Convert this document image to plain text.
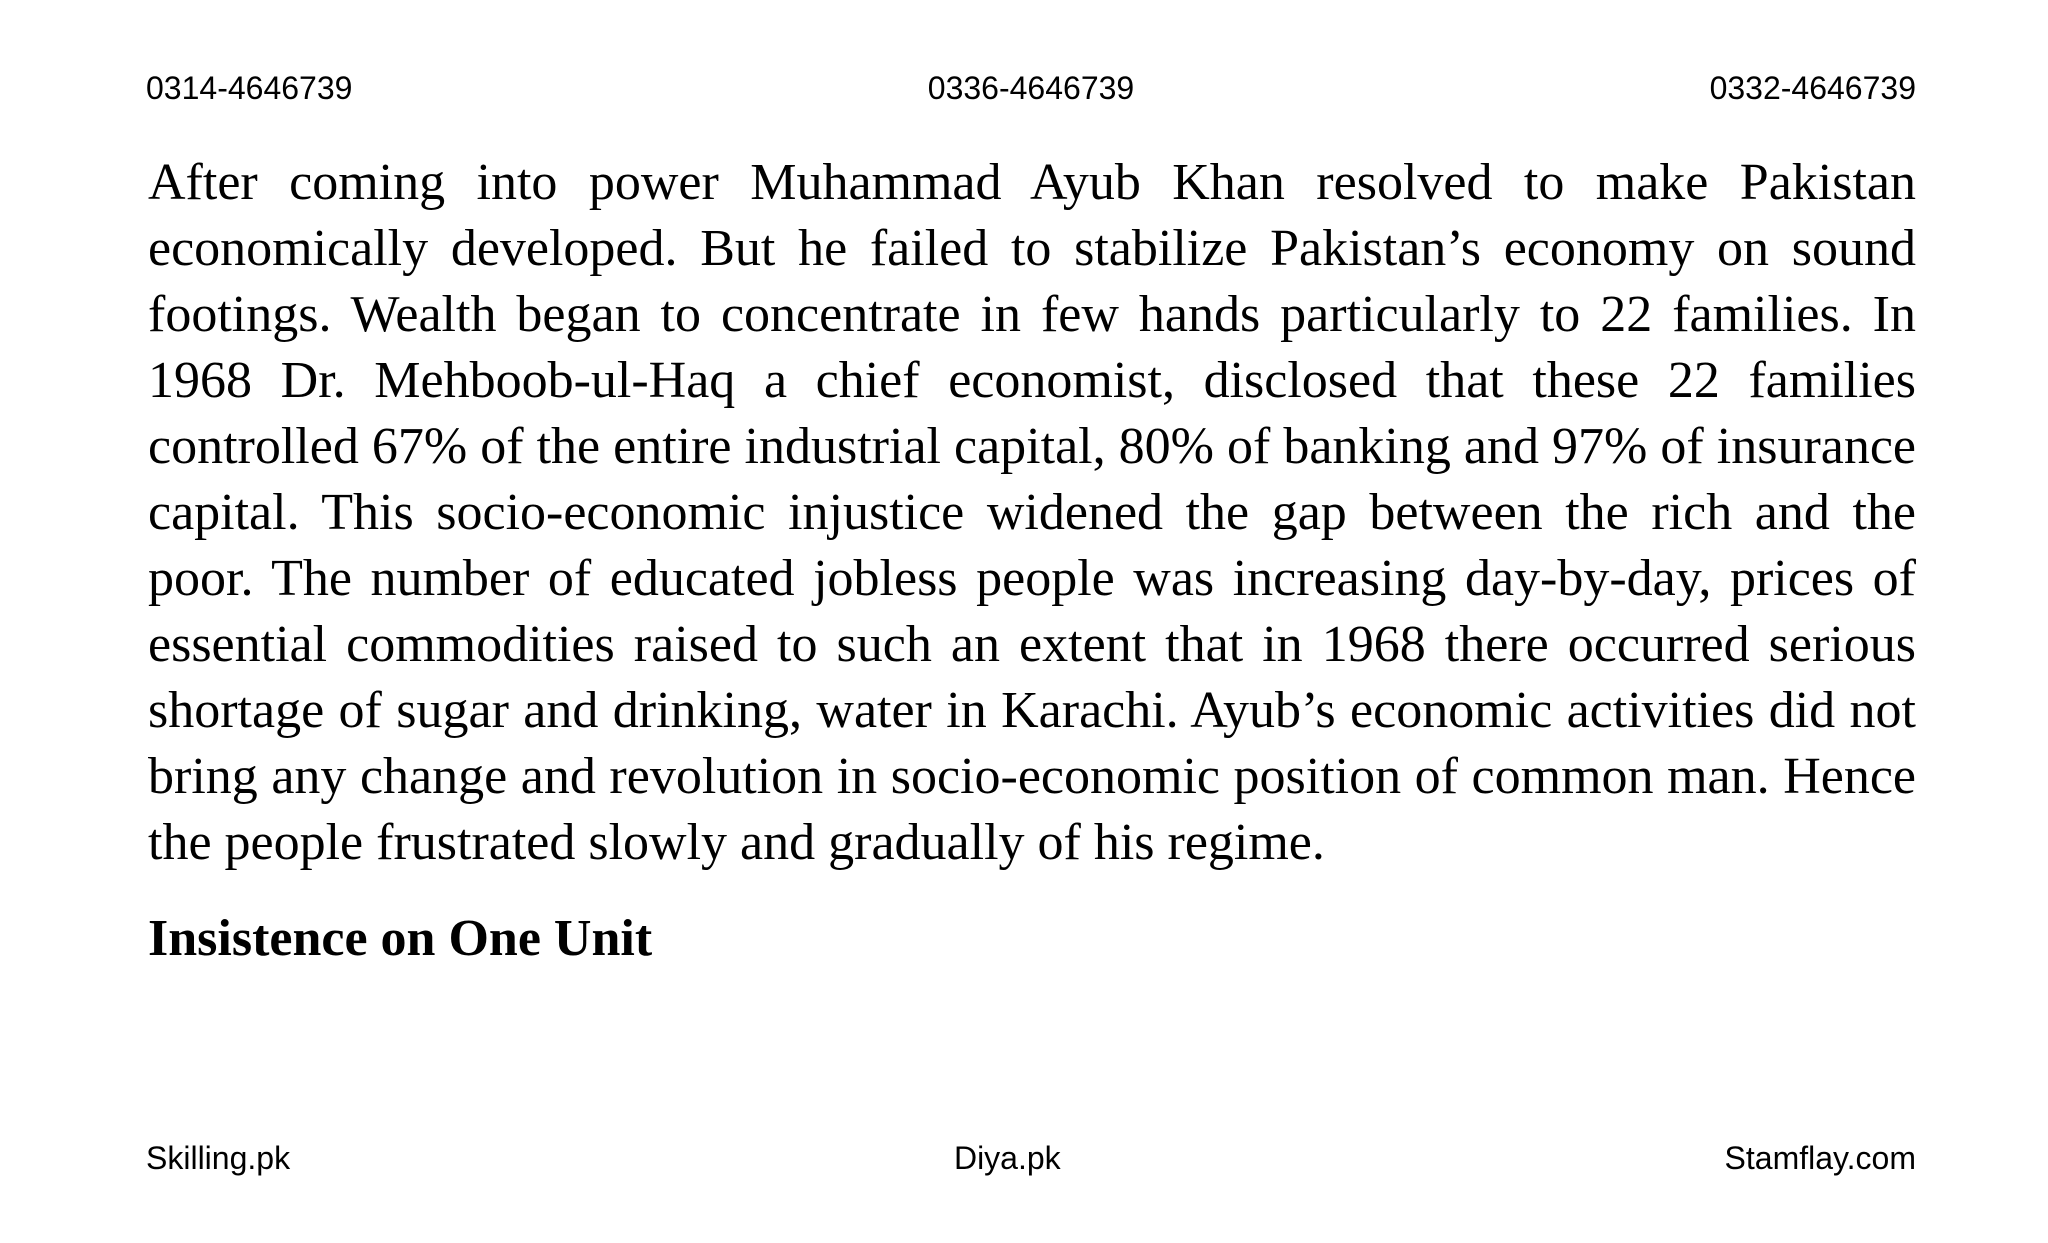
0314-4646739	0336-4646739	0332-4646739

After coming into power Muhammad Ayub Khan resolved to make Pakistan economically developed. But he failed to stabilize Pakistan’s economy on sound footings. Wealth began to concentrate in few hands particularly to 22 families. In 1968 Dr. Mehboob-ul-Haq a chief economist, disclosed that these 22 families controlled 67% of the entire industrial capital, 80% of banking and 97% of insurance capital. This socio-economic injustice widened the gap between the rich and the poor. The number of educated jobless people was increasing day-by-day, prices of essential commodities raised to such an extent that in 1968 there occurred serious shortage of sugar and drinking, water in Karachi. Ayub’s economic activities did not bring any change and revolution in socio-economic position of common man. Hence the people frustrated slowly and gradually of his regime.

Insistence on One Unit
Skilling.pk	Diya.pk	Stamflay.com
